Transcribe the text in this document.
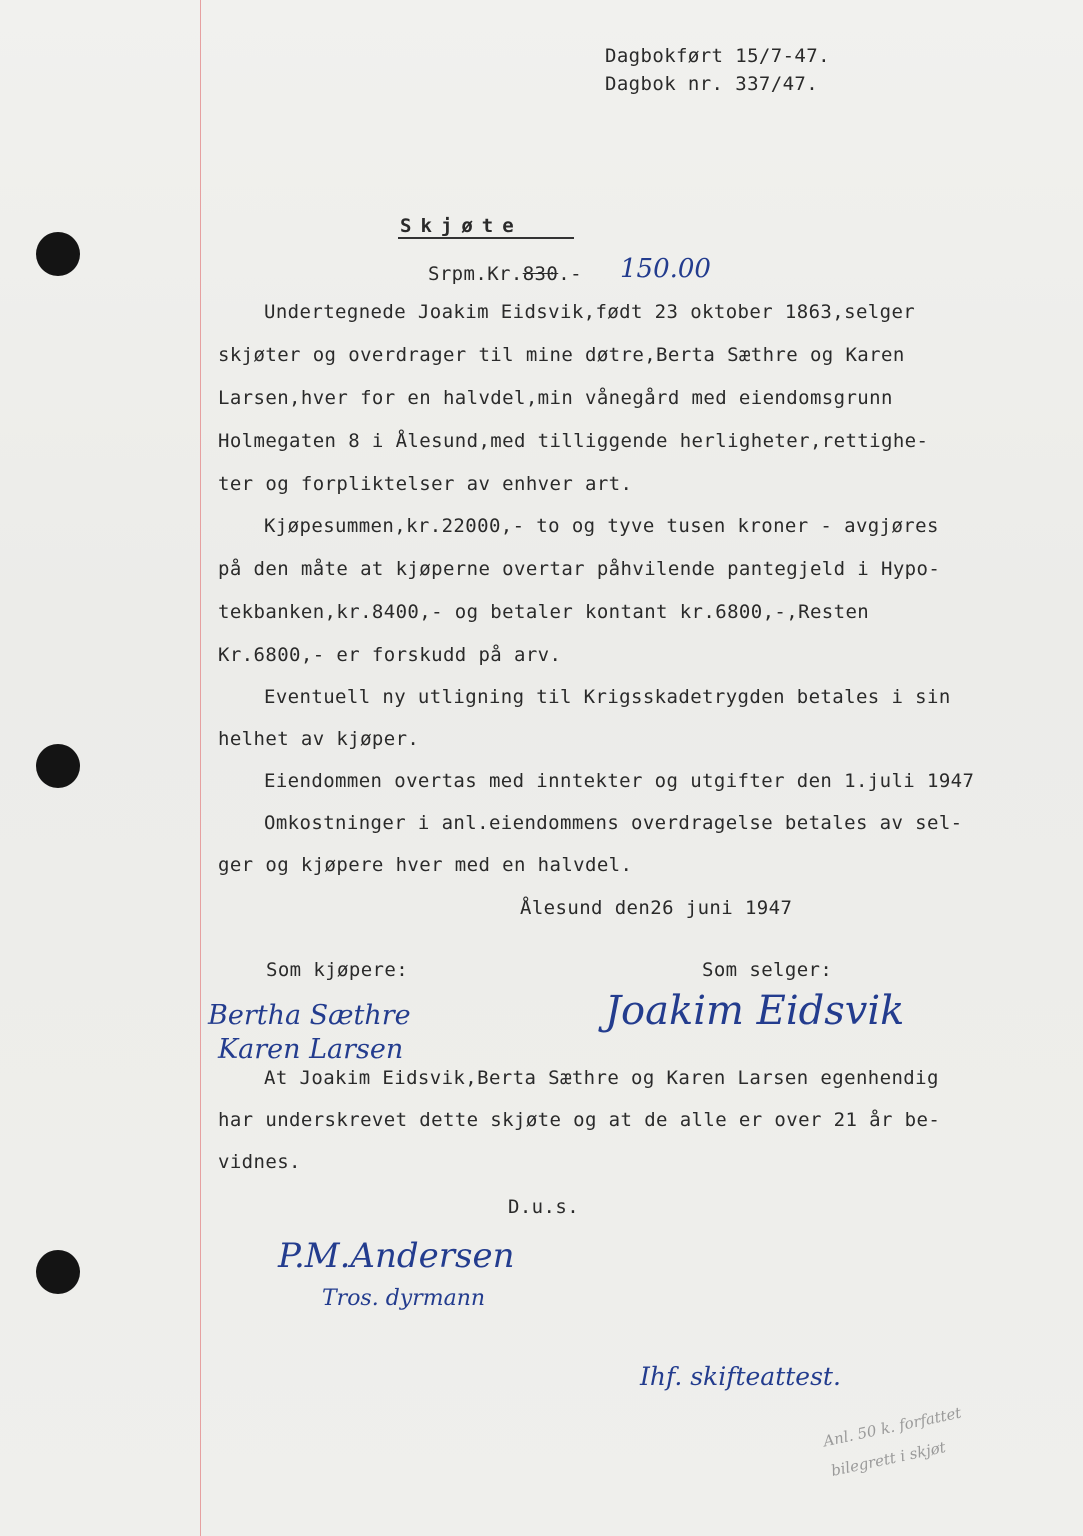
Dagbokført 15/7-47.
Dagbok nr. 337/47.
Skjøte
Srpm.Kr.830.- 150.00
Undertegnede Joakim Eidsvik,født 23 oktober 1863,selger
skjøter og overdrager til mine døtre,Berta Sæthre og Karen
Larsen,hver for en halvdel,min vånegård med eiendomsgrunn
Holmegaten 8 i Ålesund,med tilliggende herligheter,rettighe-
ter og forpliktelser av enhver art.
Kjøpesummen,kr.22000,- to og tyve tusen kroner - avgjøres
på den måte at kjøperne overtar påhvilende pantegjeld i Hypo-
tekbanken,kr.8400,- og betaler kontant kr.6800,-,Resten
Kr.6800,- er forskudd på arv.
Eventuell ny utligning til Krigsskadetrygden betales i sin
helhet av kjøper.
Eiendommen overtas med inntekter og utgifter den 1.juli 1947
Omkostninger i anl.eiendommens overdragelse betales av sel-
ger og kjøpere hver med en halvdel.
Ålesund den26 juni 1947
Som kjøpere:	Som selger:
Bertha Sæthre
Karen Larsen
Joakim Eidsvik
At Joakim Eidsvik,Berta Sæthre og Karen Larsen egenhendig
har underskrevet dette skjøte og at de alle er over 21 år be-
vidnes.
D.u.s.
P.M.Andersen
Tros. dyrmann
Ihf. skifteattest.
Anl. 50 k. forfattet
bilegrett i skjøt
